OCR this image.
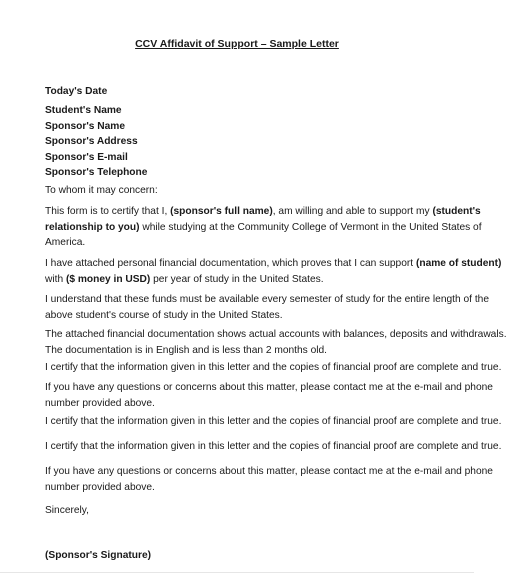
CCV Affidavit of Support – Sample Letter
Today's Date
Student's Name
Sponsor's Name
Sponsor's Address
Sponsor's E-mail
Sponsor's Telephone
To whom it may concern:
This form is to certify that I, (sponsor's full name), am willing and able to support my (student's
relationship to you) while studying at the Community College of Vermont in the United States of
America.
I have attached personal financial documentation, which proves that I can support (name of student)
with ($ money in USD) per year of study in the United States.
I understand that these funds must be available every semester of study for the entire length of the
above student's course of study in the United States.
The attached financial documentation shows actual accounts with balances, deposits and withdrawals.
The documentation is in English and is less than 2 months old.
I certify that the information given in this letter and the copies of financial proof are complete and true.
If you have any questions or concerns about this matter, please contact me at the e-mail and phone
number provided above.
I certify that the information given in this letter and the copies of financial proof are complete and true.
I certify that the information given in this letter and the copies of financial proof are complete and true.
If you have any questions or concerns about this matter, please contact me at the e-mail and phone
number provided above.
Sincerely,
(Sponsor's Signature)
